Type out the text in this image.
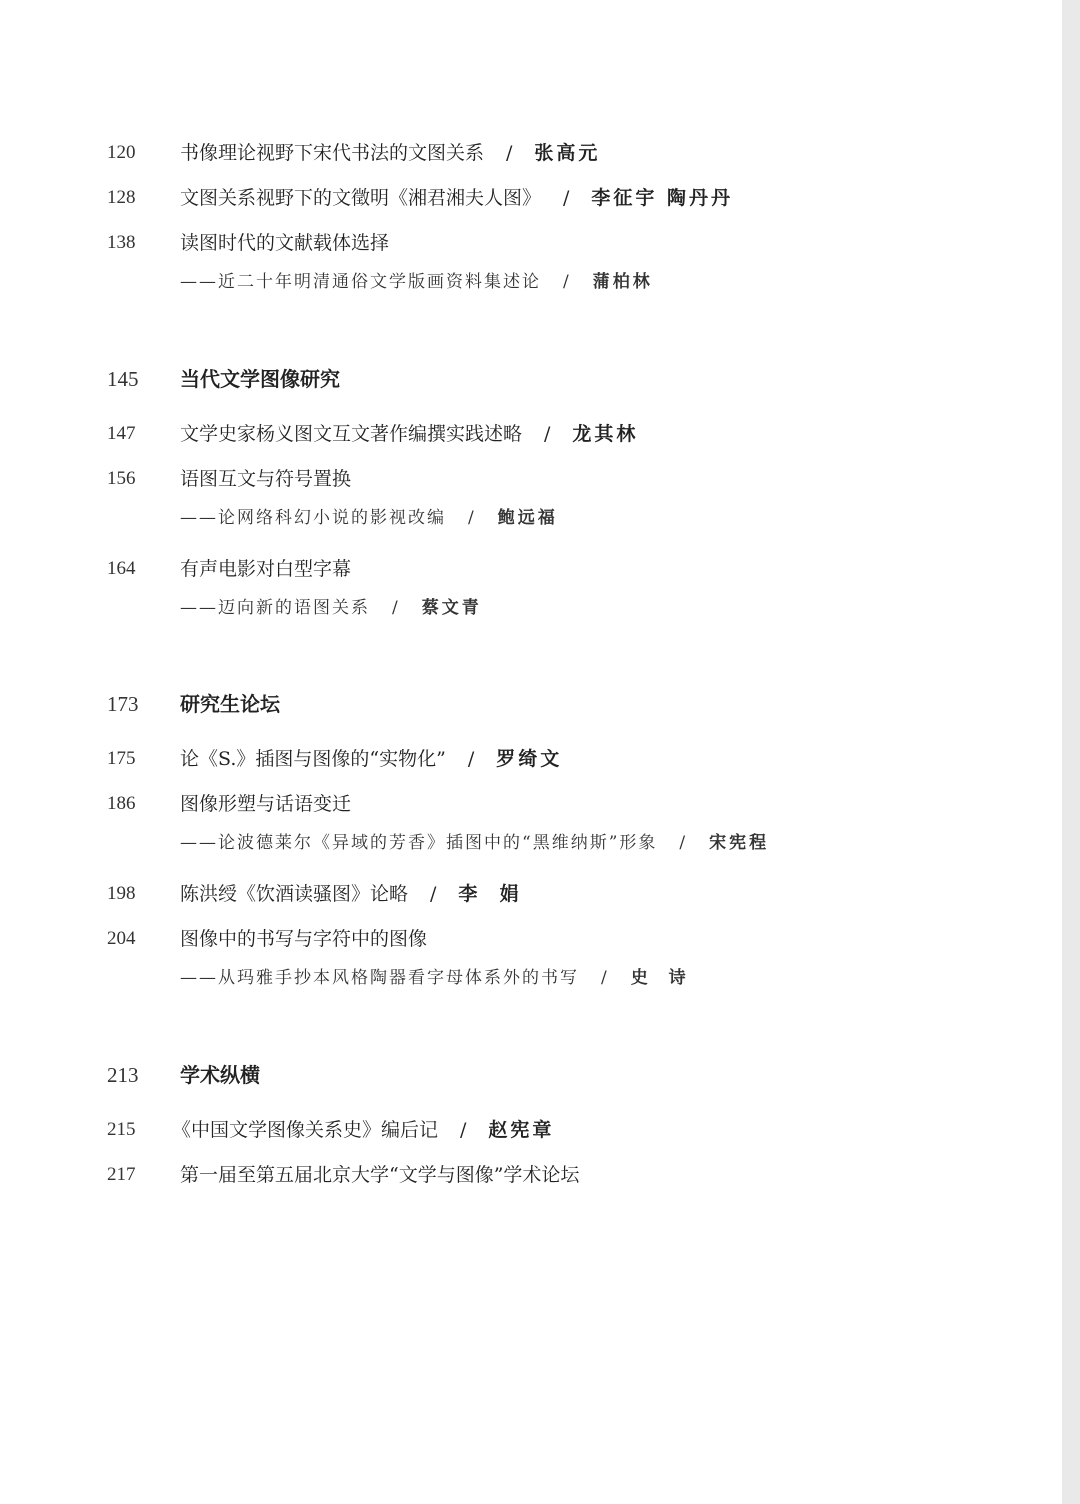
120 书像理论视野下宋代书法的文图关系 / 张高元
128 文图关系视野下的文徵明《湘君湘夫人图》 / 李征宇 陶丹丹
138 读图时代的文献载体选择
——近二十年明清通俗文学版画资料集述论 / 蒲柏林
145 当代文学图像研究
147 文学史家杨义图文互文著作编撰实践述略 / 龙其林
156 语图互文与符号置换
——论网络科幻小说的影视改编 / 鲍远福
164 有声电影对白型字幕
——迈向新的语图关系 / 蔡文青
173 研究生论坛
175 论《S.》插图与图像的“实物化” / 罗绮文
186 图像形塑与话语变迁
——论波德莱尔《异域的芳香》插图中的“黑维纳斯”形象 / 宋宪程
198 陈洪绶《饮酒读骚图》论略 / 李  娟
204 图像中的书写与字符中的图像
——从玛雅手抄本风格陶器看字母体系外的书写 / 史  诗
213 学术纵横
215 《中国文学图像关系史》编后记 / 赵宪章
217 第一届至第五届北京大学“文学与图像”学术论坛
